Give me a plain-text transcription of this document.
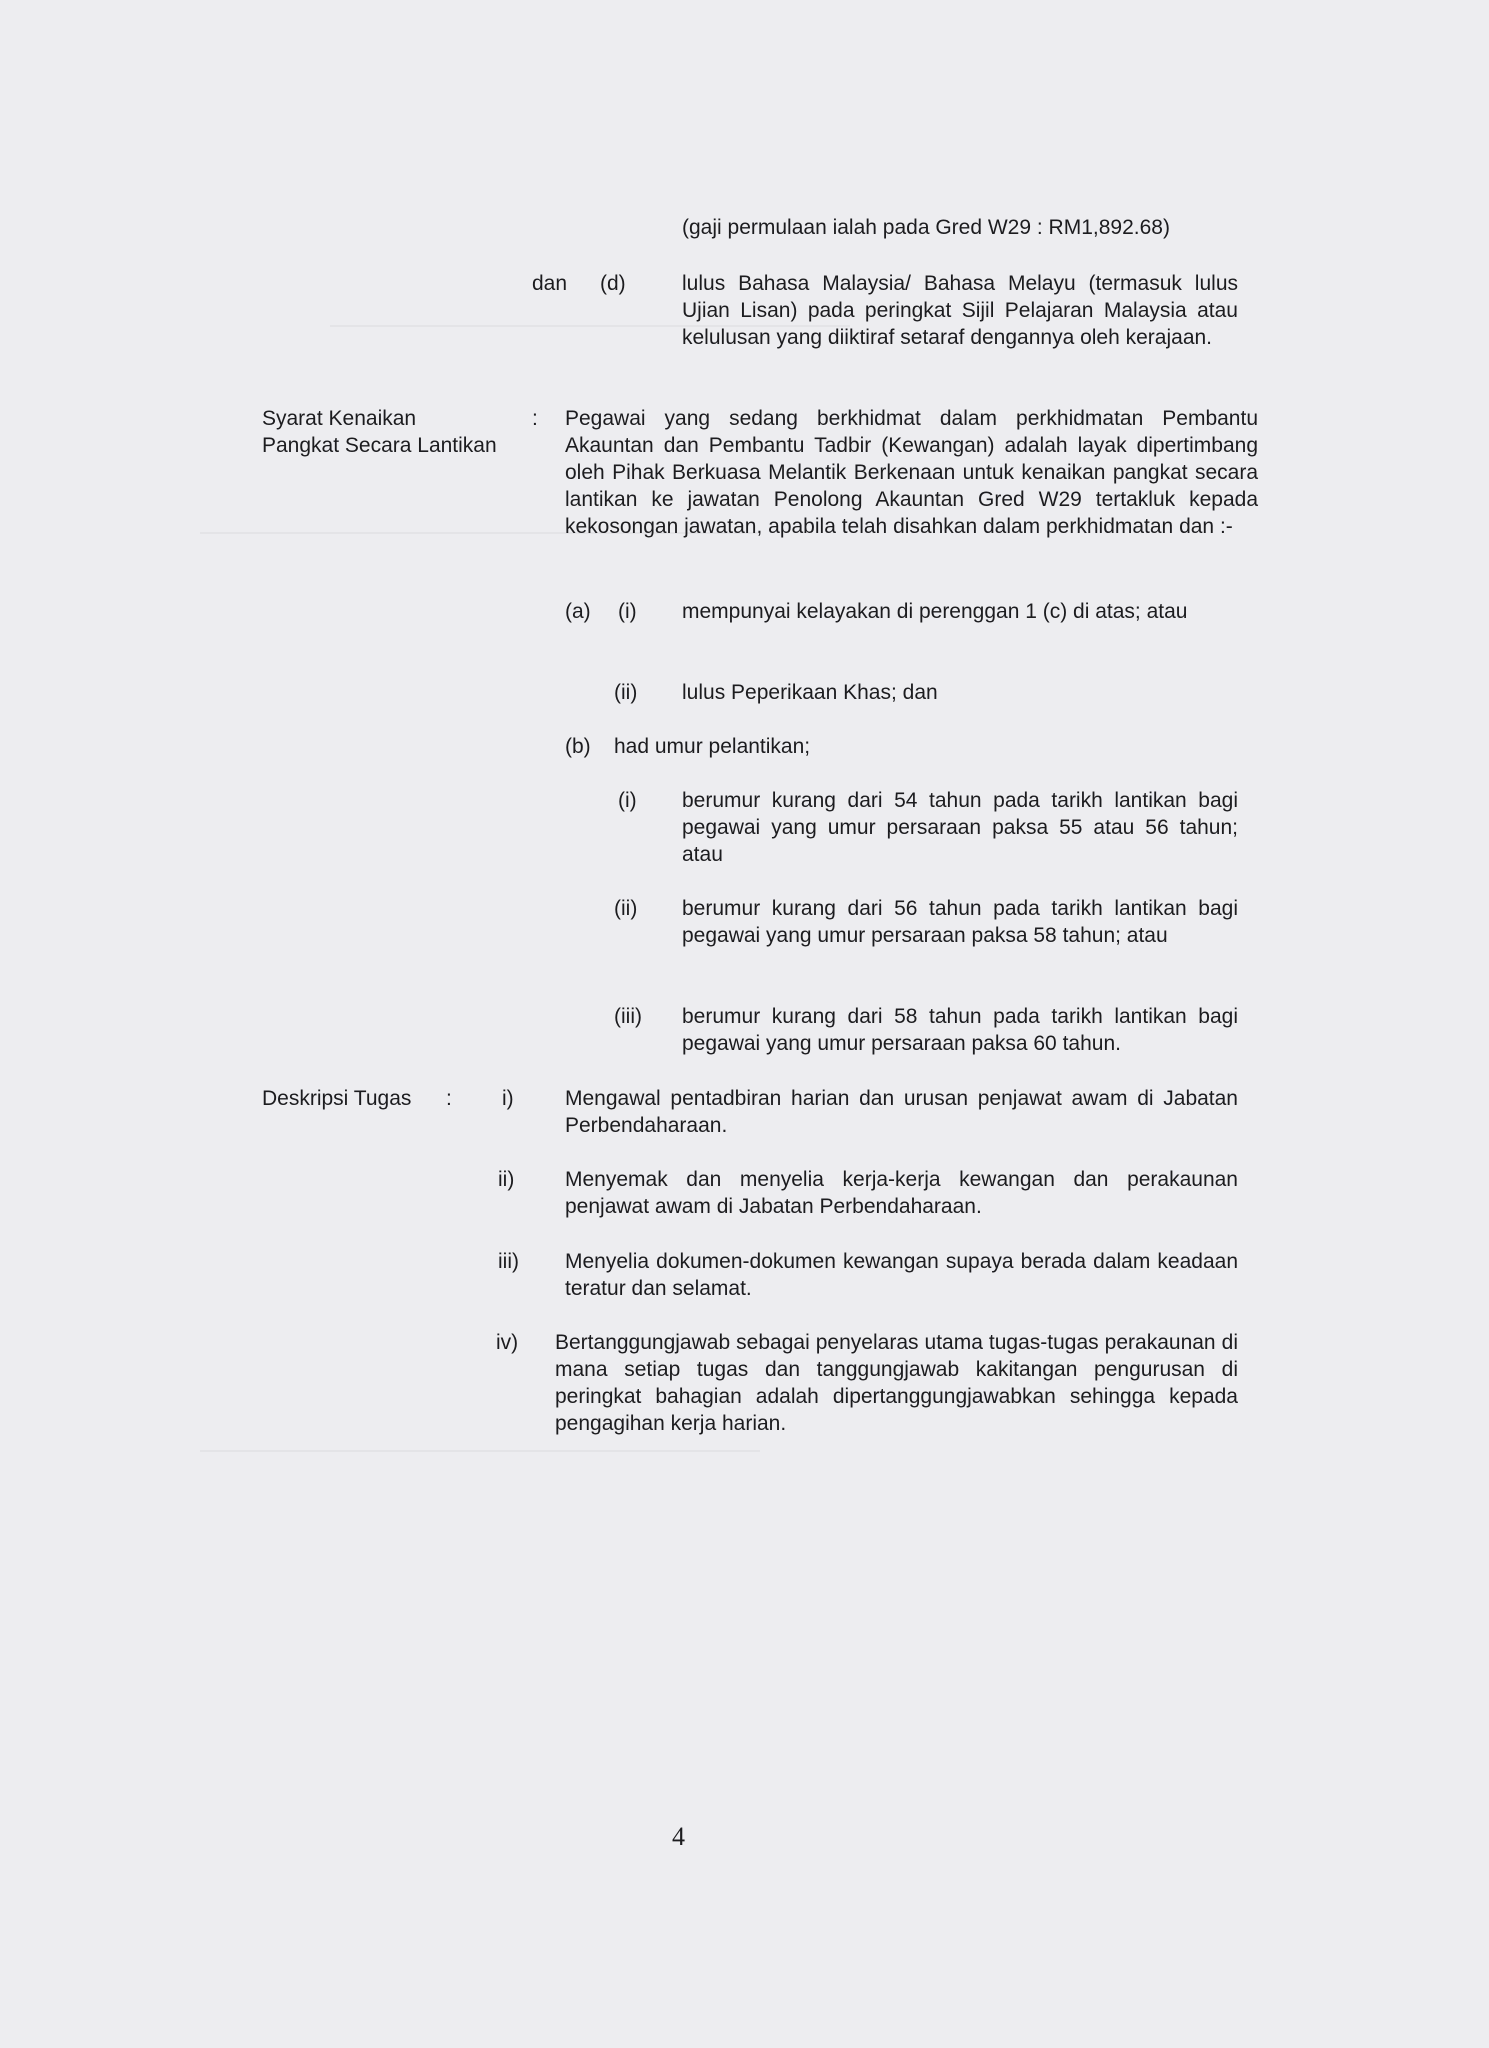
(gaji permulaan ialah pada Gred W29 : RM1,892.68)
dan (d)	lulus Bahasa Malaysia/ Bahasa Melayu (termasuk lulus Ujian Lisan) pada peringkat Sijil Pelajaran Malaysia atau kelulusan yang diiktiraf setaraf dengannya oleh kerajaan.
Syarat Kenaikan
Pangkat Secara Lantikan
: Pegawai yang sedang berkhidmat dalam perkhidmatan Pembantu Akauntan dan Pembantu Tadbir (Kewangan) adalah layak dipertimbang oleh Pihak Berkuasa Melantik Berkenaan untuk kenaikan pangkat secara lantikan ke jawatan Penolong Akauntan Gred W29 tertakluk kepada kekosongan jawatan, apabila telah disahkan dalam perkhidmatan dan :-
(a) (i) mempunyai kelayakan di perenggan 1 (c) di atas; atau
(ii) lulus Peperikaan Khas; dan
(b) had umur pelantikan;
(i) berumur kurang dari 54 tahun pada tarikh lantikan bagi pegawai yang umur persaraan paksa 55 atau 56 tahun; atau
(ii) berumur kurang dari 56 tahun pada tarikh lantikan bagi pegawai yang umur persaraan paksa 58 tahun; atau
(iii) berumur kurang dari 58 tahun pada tarikh lantikan bagi pegawai yang umur persaraan paksa 60 tahun.
Deskripsi Tugas : i) Mengawal pentadbiran harian dan urusan penjawat awam di Jabatan Perbendaharaan.
ii) Menyemak dan menyelia kerja-kerja kewangan dan perakaunan penjawat awam di Jabatan Perbendaharaan.
iii) Menyelia dokumen-dokumen kewangan supaya berada dalam keadaan teratur dan selamat.
iv) Bertanggungjawab sebagai penyelaras utama tugas-tugas perakaunan di mana setiap tugas dan tanggungjawab kakitangan pengurusan di peringkat bahagian adalah dipertanggungjawabkan sehingga kepada pengagihan kerja harian.
4
